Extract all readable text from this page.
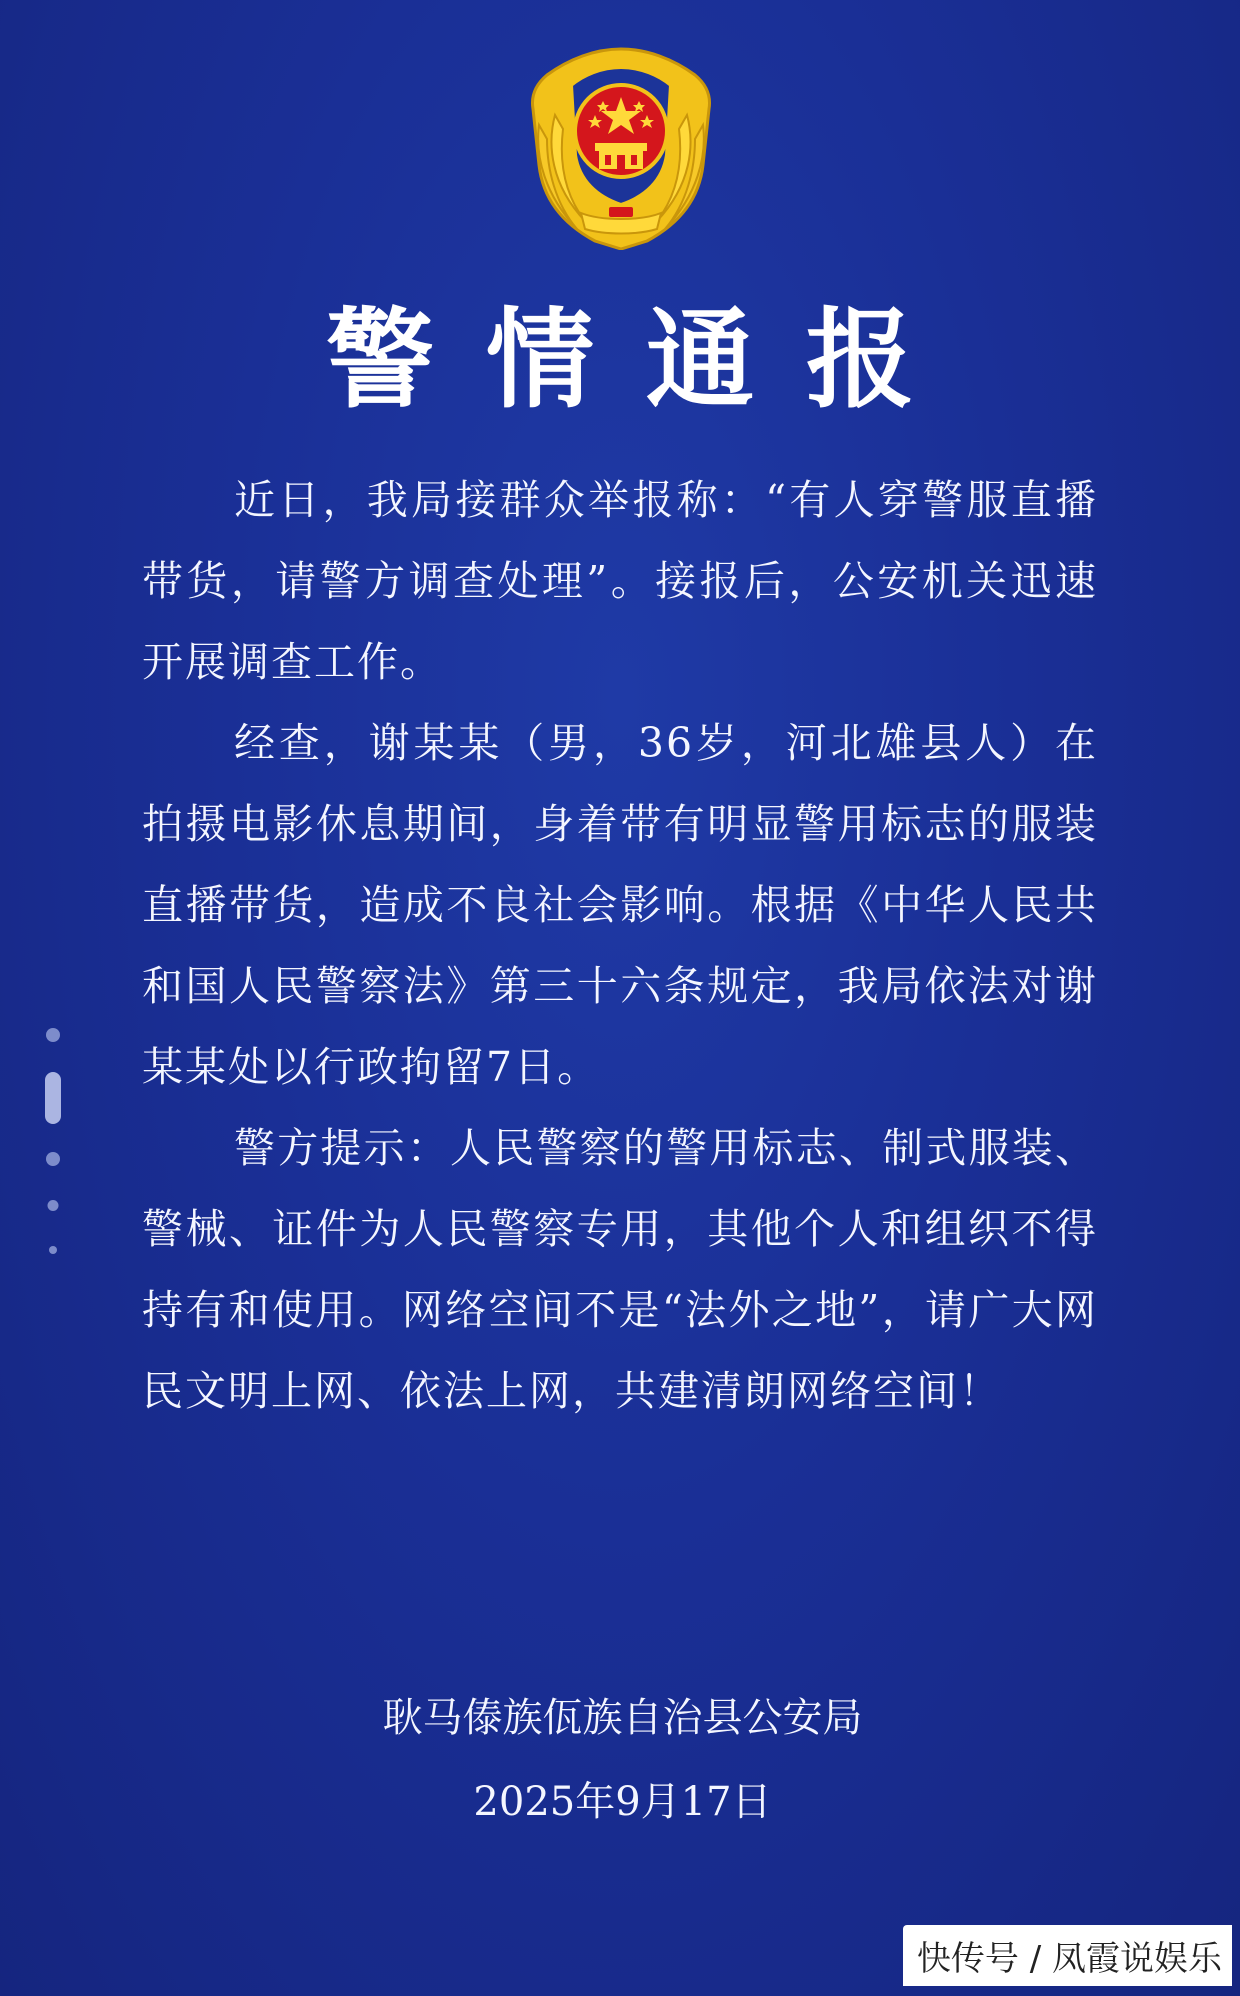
警情通报

近日，我局接群众举报称：“有人穿警服直播带货，请警方调查处理”。接报后，公安机关迅速开展调查工作。

经查，谢某某（男，36岁，河北雄县人）在拍摄电影休息期间，身着带有明显警用标志的服装直播带货，造成不良社会影响。根据《中华人民共和国人民警察法》第三十六条规定，我局依法对谢某某处以行政拘留7日。

警方提示：人民警察的警用标志、制式服装、警械、证件为人民警察专用，其他个人和组织不得持有和使用。网络空间不是“法外之地”，请广大网民文明上网、依法上网，共建清朗网络空间！

耿马傣族佤族自治县公安局
2025年9月17日
快传号 / 凤霞说娱乐
